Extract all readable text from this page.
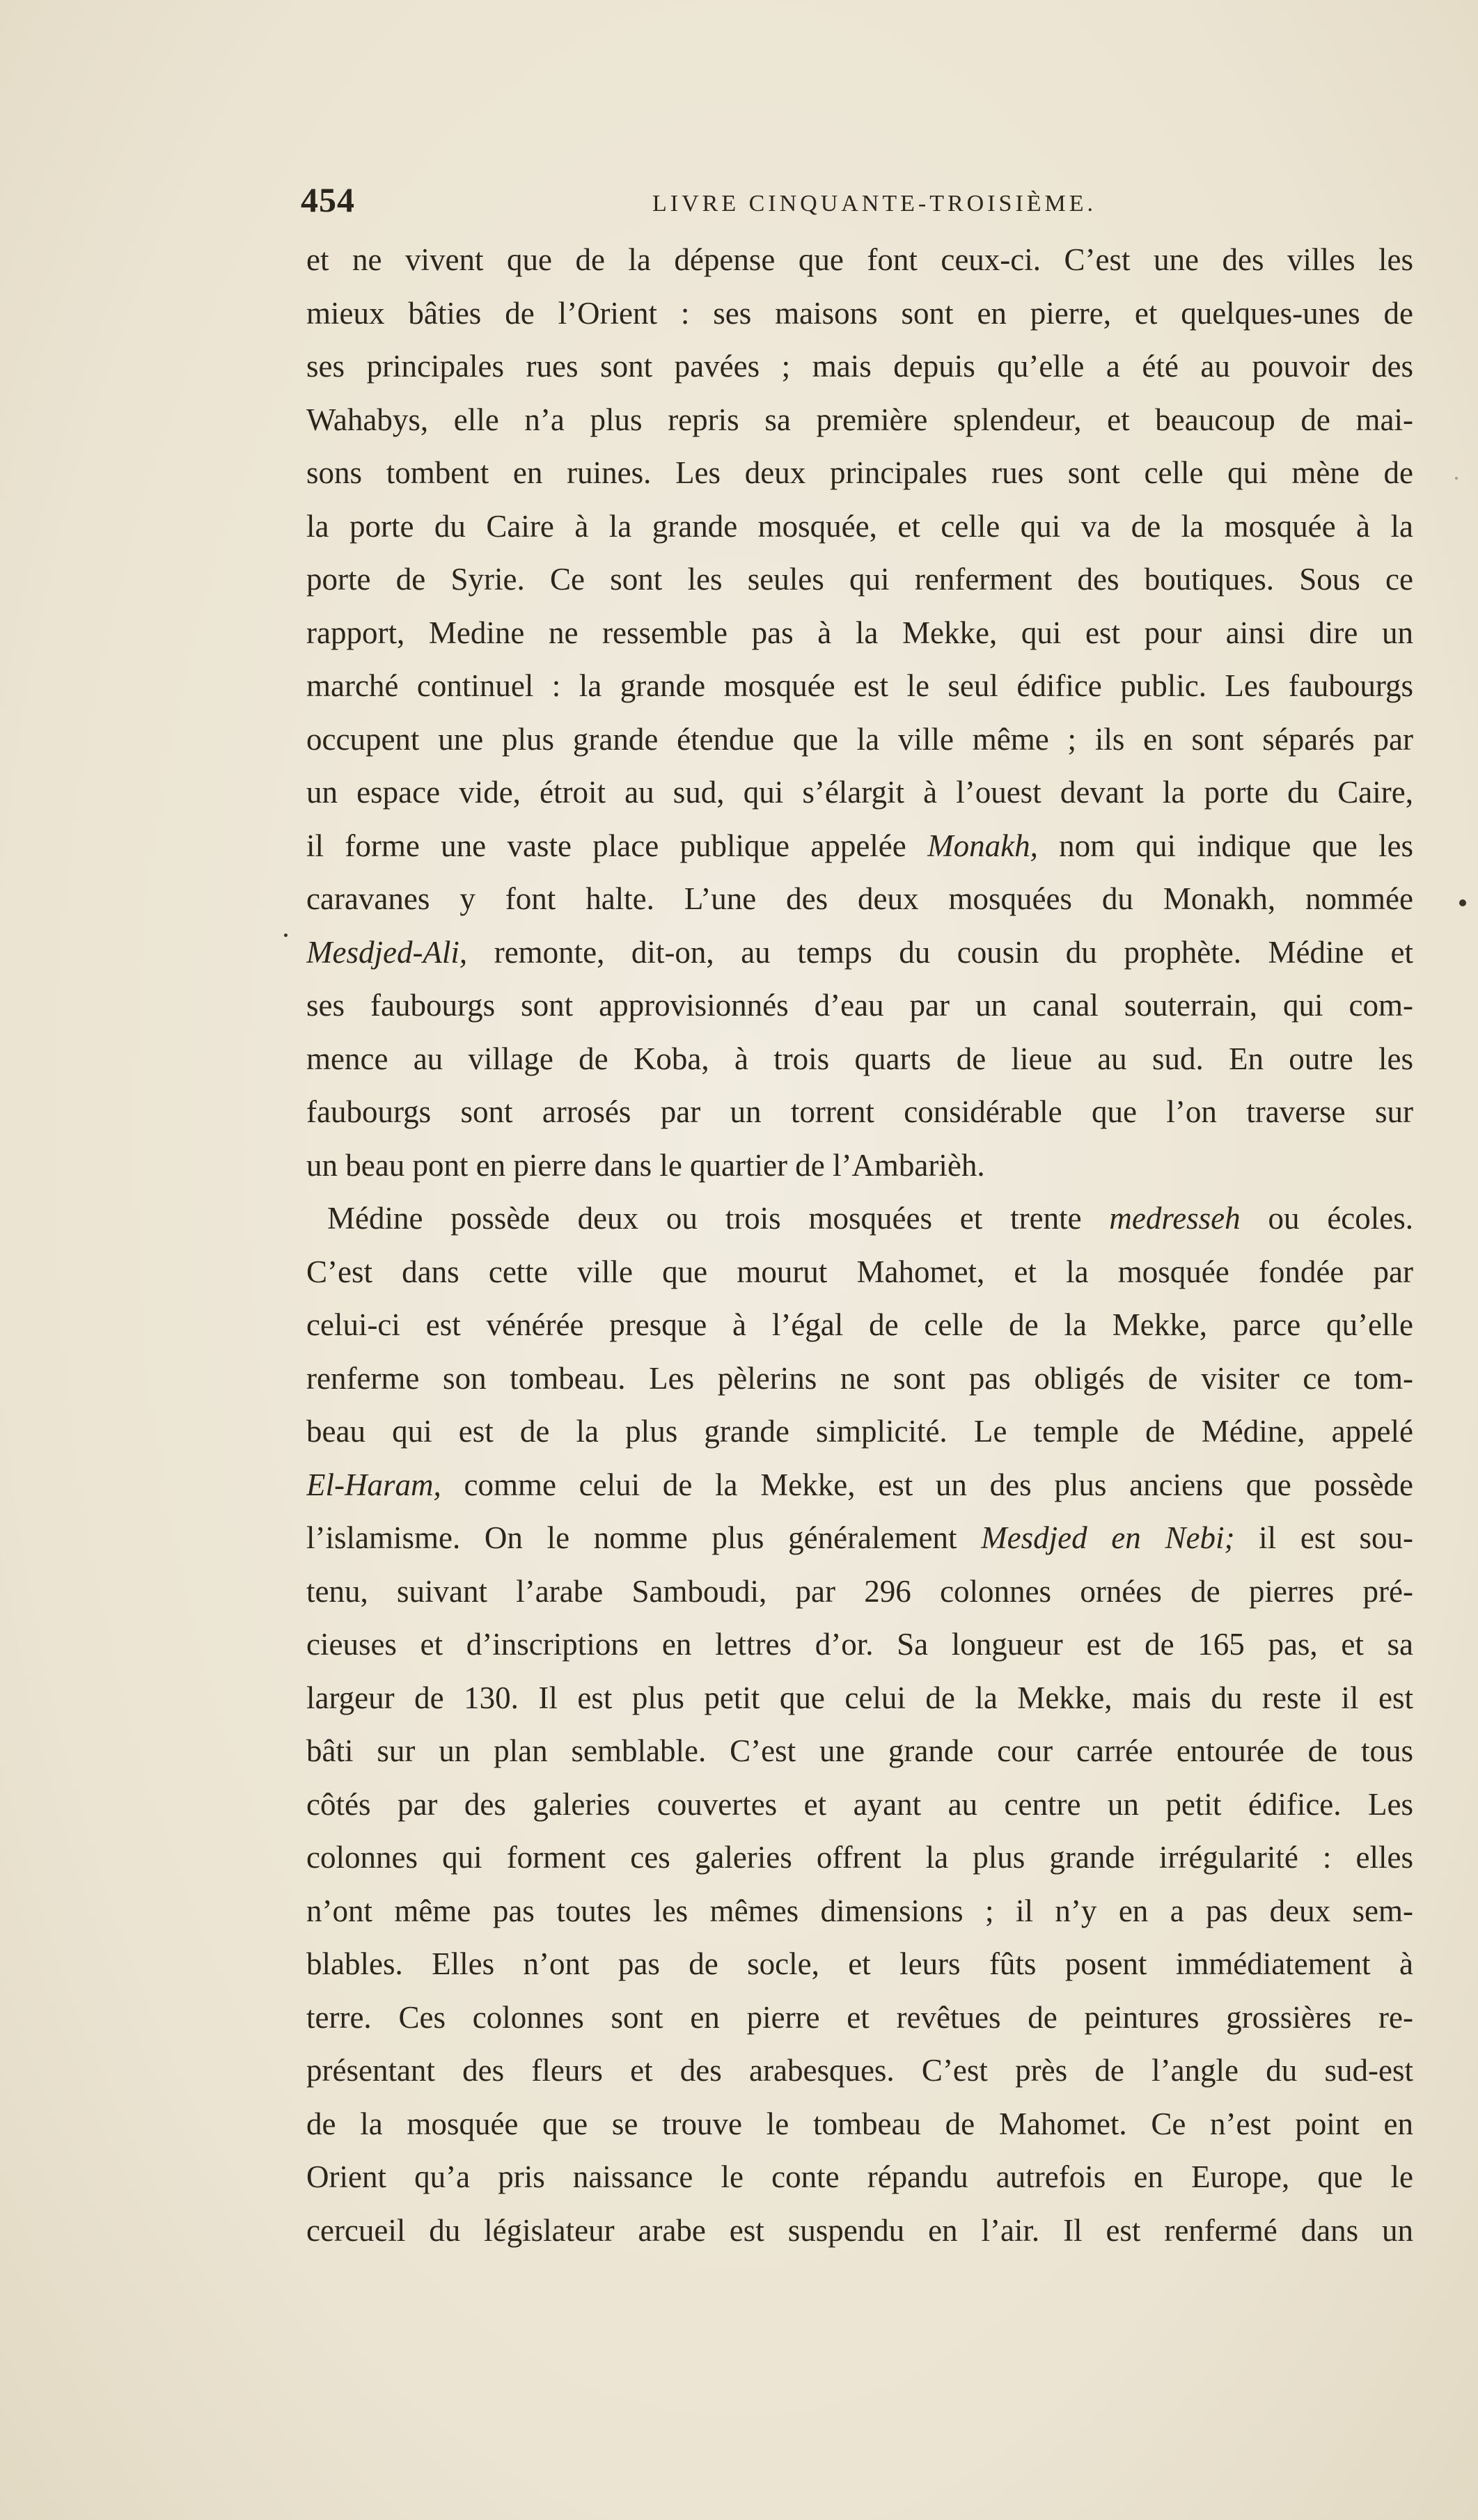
454	LIVRE CINQUANTE-TROISIÈME.
et ne vivent que de la dépense que font ceux-ci. C’est une des villes les
mieux bâties de l’Orient : ses maisons sont en pierre, et quelques-unes de
ses principales rues sont pavées ; mais depuis qu’elle a été au pouvoir des
Wahabys, elle n’a plus repris sa première splendeur, et beaucoup de mai-
sons tombent en ruines. Les deux principales rues sont celle qui mène de
la porte du Caire à la grande mosquée, et celle qui va de la mosquée à la
porte de Syrie. Ce sont les seules qui renferment des boutiques. Sous ce
rapport, Medine ne ressemble pas à la Mekke, qui est pour ainsi dire un
marché continuel : la grande mosquée est le seul édifice public. Les faubourgs
occupent une plus grande étendue que la ville même ; ils en sont séparés par
un espace vide, étroit au sud, qui s’élargit à l’ouest devant la porte du Caire,
il forme une vaste place publique appelée Monakh, nom qui indique que les
caravanes y font halte. L’une des deux mosquées du Monakh, nommée
Mesdjed-Ali, remonte, dit-on, au temps du cousin du prophète. Médine et
ses faubourgs sont approvisionnés d’eau par un canal souterrain, qui com-
mence au village de Koba, à trois quarts de lieue au sud. En outre les
faubourgs sont arrosés par un torrent considérable que l’on traverse sur
un beau pont en pierre dans le quartier de l’Ambarièh.
Médine possède deux ou trois mosquées et trente medresseh ou écoles.
C’est dans cette ville que mourut Mahomet, et la mosquée fondée par
celui-ci est vénérée presque à l’égal de celle de la Mekke, parce qu’elle
renferme son tombeau. Les pèlerins ne sont pas obligés de visiter ce tom-
beau qui est de la plus grande simplicité. Le temple de Médine, appelé
El-Haram, comme celui de la Mekke, est un des plus anciens que possède
l’islamisme. On le nomme plus généralement Mesdjed en Nebi; il est sou-
tenu, suivant l’arabe Samboudi, par 296 colonnes ornées de pierres pré-
cieuses et d’inscriptions en lettres d’or. Sa longueur est de 165 pas, et sa
largeur de 130. Il est plus petit que celui de la Mekke, mais du reste il est
bâti sur un plan semblable. C’est une grande cour carrée entourée de tous
côtés par des galeries couvertes et ayant au centre un petit édifice. Les
colonnes qui forment ces galeries offrent la plus grande irrégularité : elles
n’ont même pas toutes les mêmes dimensions ; il n’y en a pas deux sem-
blables. Elles n’ont pas de socle, et leurs fûts posent immédiatement à
terre. Ces colonnes sont en pierre et revêtues de peintures grossières re-
présentant des fleurs et des arabesques. C’est près de l’angle du sud-est
de la mosquée que se trouve le tombeau de Mahomet. Ce n’est point en
Orient qu’a pris naissance le conte répandu autrefois en Europe, que le
cercueil du législateur arabe est suspendu en l’air. Il est renfermé dans un
